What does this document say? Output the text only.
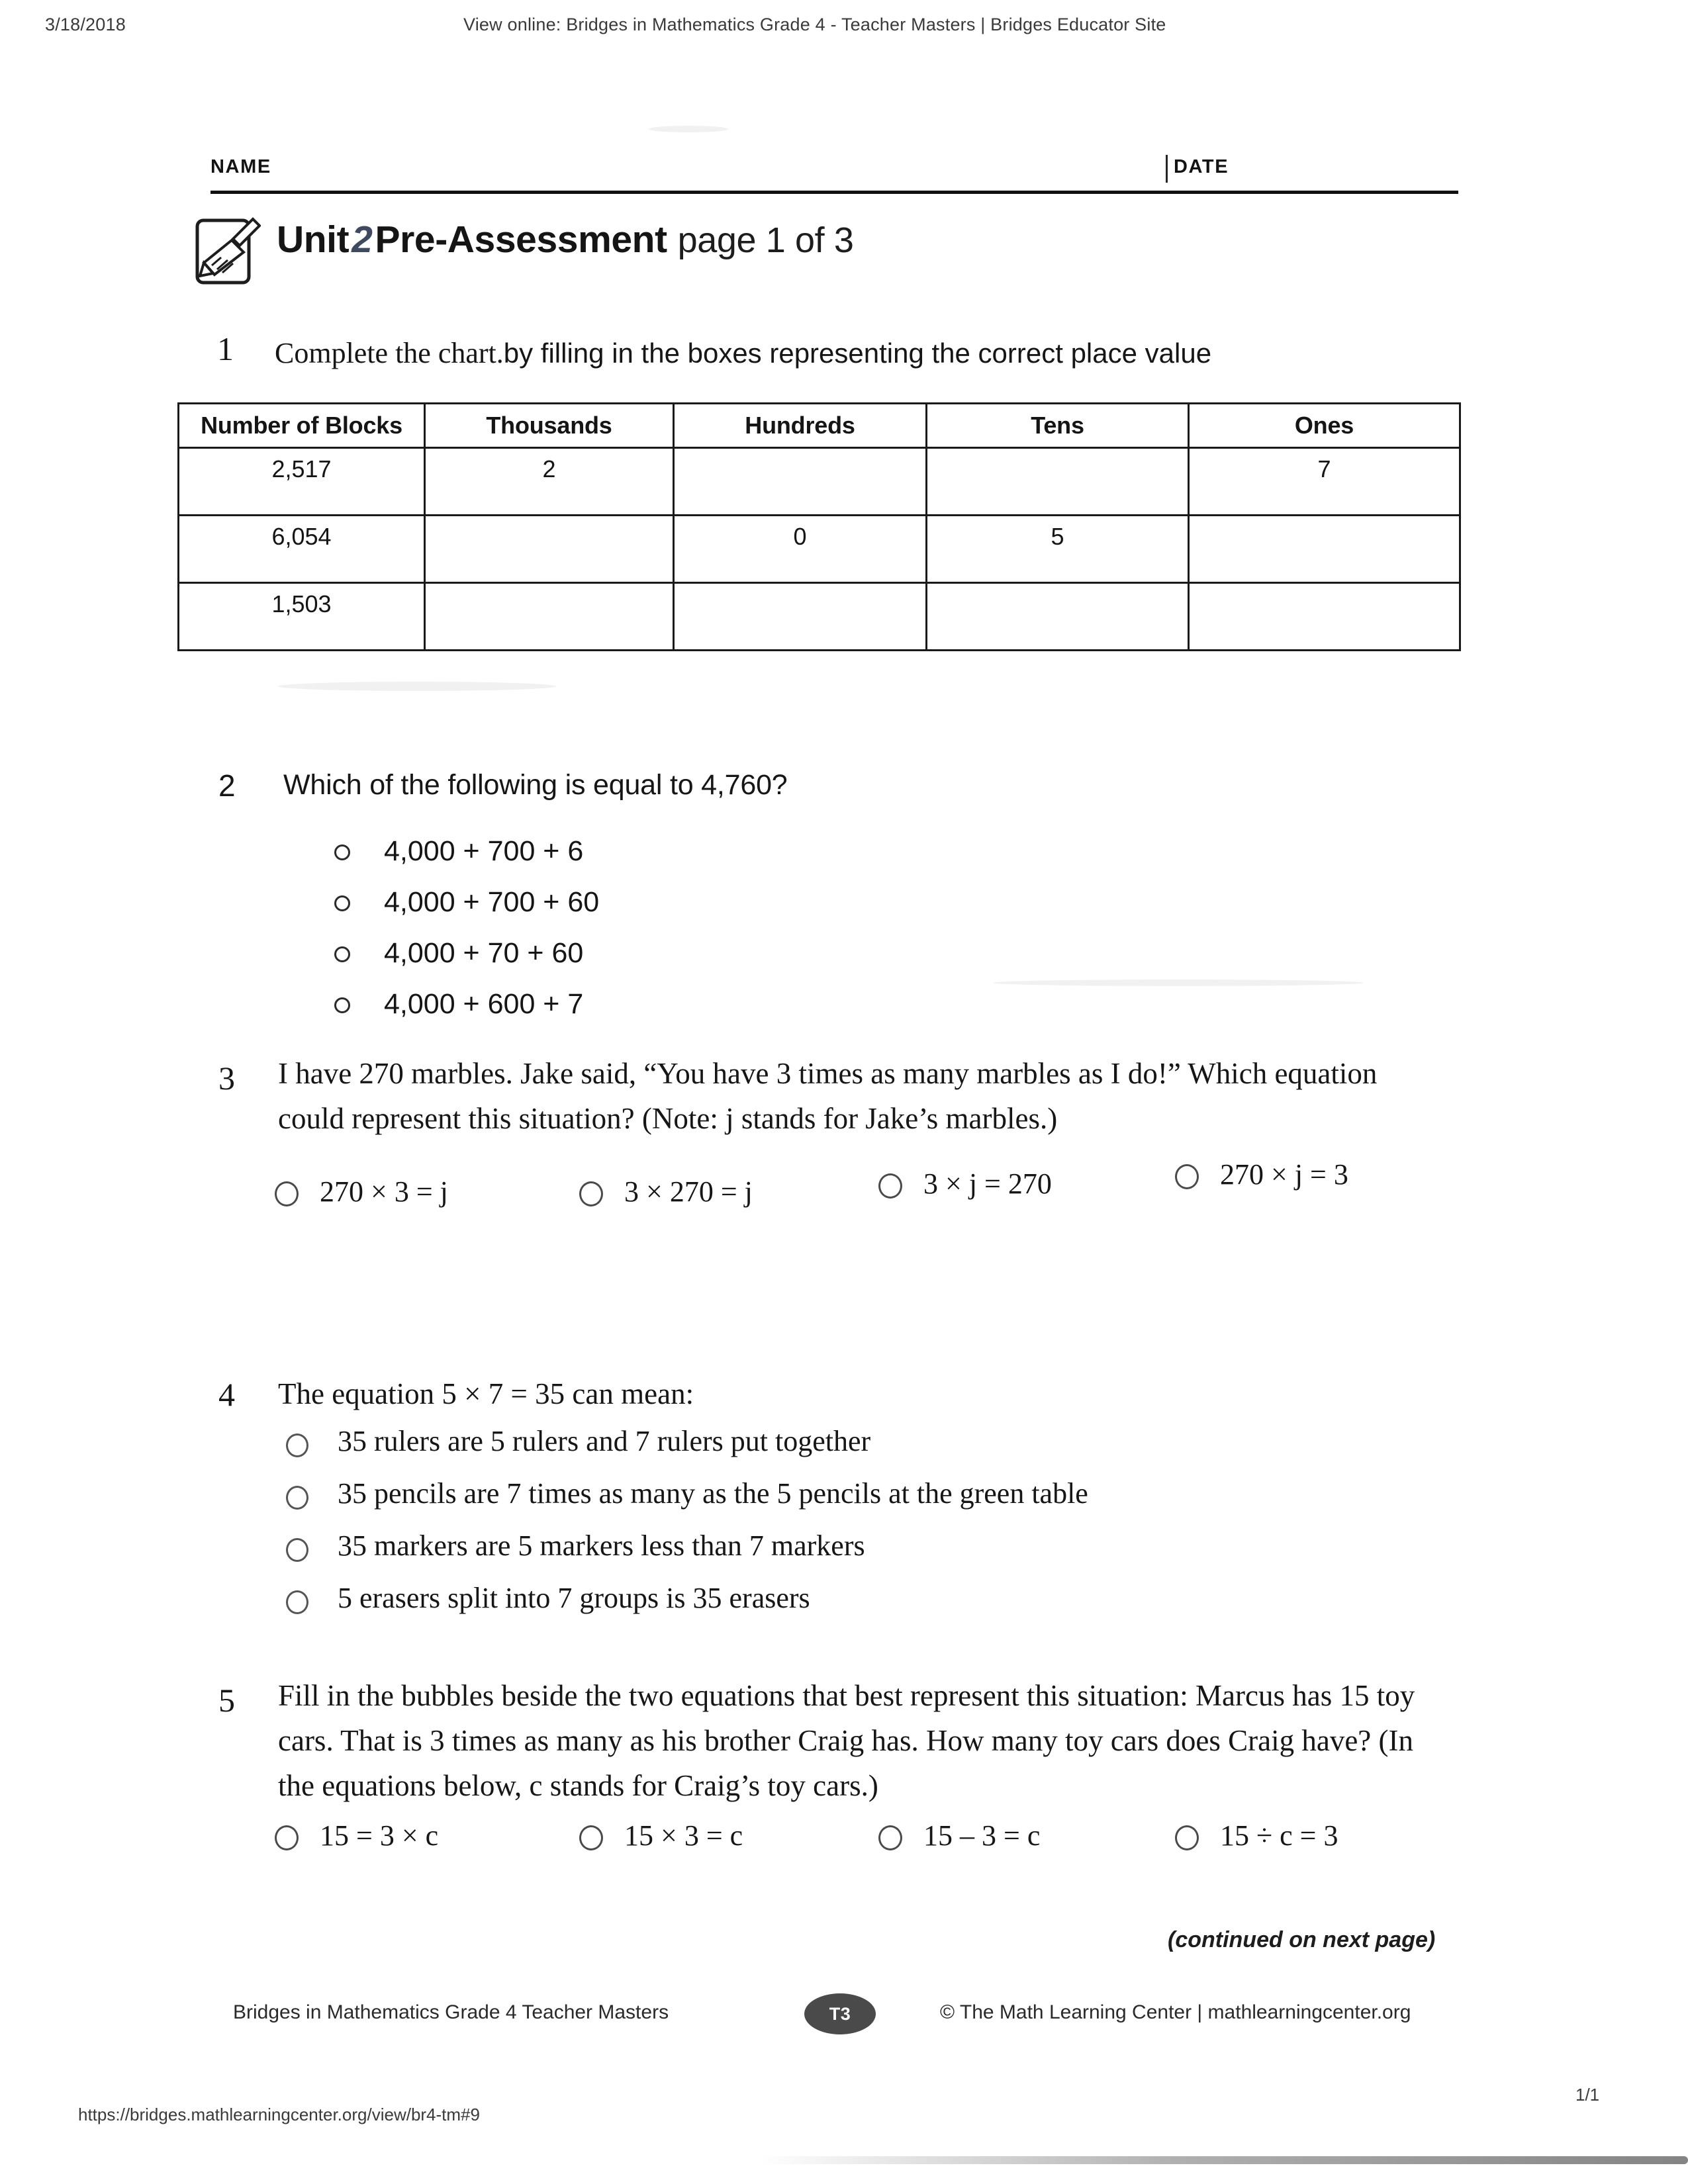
3/18/2018	View online: Bridges in Mathematics Grade 4 - Teacher Masters | Bridges Educator Site
NAME	DATE
Unit2Pre-Assessment page 1 of 3
1 Complete the chart.by filling in the boxes representing the correct place value
Number of Blocks	Thousands	Hundreds	Tens	Ones
2,517	2			7
6,054		0	5	
1,503				
2 Which of the following is equal to 4,760?
4,000 + 700 + 6
4,000 + 700 + 60
4,000 + 70 + 60
4,000 + 600 + 7
3 I have 270 marbles. Jake said, “You have 3 times as many marbles as I do!” Which equation could represent this situation? (Note: j stands for Jake’s marbles.)
270 × 3 = j	3 × 270 = j	3 × j = 270	270 × j = 3
4 The equation 5 × 7 = 35 can mean:
35 rulers are 5 rulers and 7 rulers put together
35 pencils are 7 times as many as the 5 pencils at the green table
35 markers are 5 markers less than 7 markers
5 erasers split into 7 groups is 35 erasers
5 Fill in the bubbles beside the two equations that best represent this situation: Marcus has 15 toy cars. That is 3 times as many as his brother Craig has. How many toy cars does Craig have? (In the equations below, c stands for Craig’s toy cars.)
15 = 3 × c	15 × 3 = c	15 – 3 = c	15 ÷ c = 3
(continued on next page)
Bridges in Mathematics Grade 4 Teacher Masters	T3	© The Math Learning Center | mathlearningcenter.org
https://bridges.mathlearningcenter.org/view/br4-tm#9
1/1
